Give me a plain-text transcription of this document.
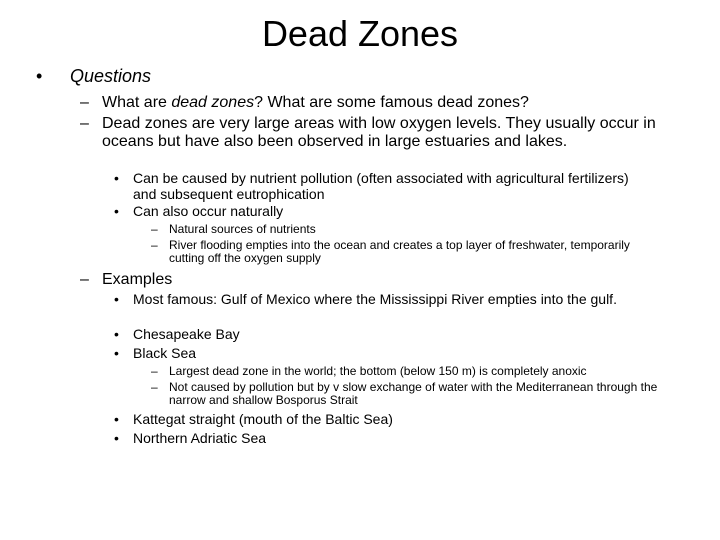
Dead Zones
• Questions
– What are dead zones? What are some famous dead zones?
– Dead zones are very large areas with low oxygen levels. They usually occur in oceans but have also been observed in large estuaries and lakes.
• Can be caused by nutrient pollution (often associated with agricultural fertilizers) and subsequent eutrophication
• Can also occur naturally
– Natural sources of nutrients
– River flooding empties into the ocean and creates a top layer of freshwater, temporarily cutting off the oxygen supply
– Examples
• Most famous: Gulf of Mexico where the Mississippi River empties into the gulf.
• Chesapeake Bay
• Black Sea
– Largest dead zone in the world; the bottom (below 150 m) is completely anoxic
– Not caused by pollution but by v slow exchange of water with the Mediterranean through the narrow and shallow Bosporus Strait
• Kattegat straight (mouth of the Baltic Sea)
• Northern Adriatic Sea
